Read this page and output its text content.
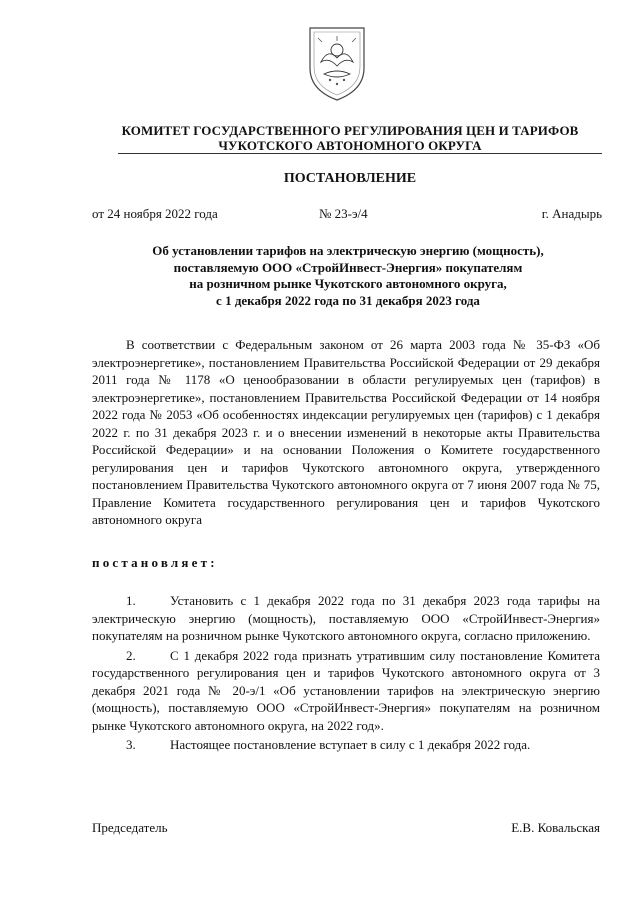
КОМИТЕТ ГОСУДАРСТВЕННОГО РЕГУЛИРОВАНИЯ ЦЕН И ТАРИФОВ
ЧУКОТСКОГО АВТОНОМНОГО ОКРУГА
ПОСТАНОВЛЕНИЕ
от 24 ноября 2022 года	№ 23-э/4	г. Анадырь
Об установлении тарифов на электрическую энергию (мощность),
поставляемую ООО «СтройИнвест-Энергия» покупателям
на розничном рынке Чукотского автономного округа,
с 1 декабря 2022 года по 31 декабря 2023 года
В соответствии с Федеральным законом от 26 марта 2003 года № 35-ФЗ «Об электроэнергетике», постановлением Правительства Российской Федерации от 29 декабря 2011 года № 1178 «О ценообразовании в области регулируемых цен (тарифов) в электроэнергетике», постановлением Правительства Российской Федерации от 14 ноября 2022 года № 2053 «Об особенностях индексации регулируемых цен (тарифов) с 1 декабря 2022 г. по 31 декабря 2023 г. и о внесении изменений в некоторые акты Правительства Российской Федерации» и на основании Положения о Комитете государственного регулирования цен и тарифов Чукотского автономного округа, утвержденного постановлением Правительства Чукотского автономного округа от 7 июня 2007 года № 75, Правление Комитета государственного регулирования цен и тарифов Чукотского автономного округа
постановляет:
1.	Установить с 1 декабря 2022 года по 31 декабря 2023 года тарифы на электрическую энергию (мощность), поставляемую ООО «СтройИнвест-Энергия» покупателям на розничном рынке Чукотского автономного округа, согласно приложению.
2.	С 1 декабря 2022 года признать утратившим силу постановление Комитета государственного регулирования цен и тарифов Чукотского автономного округа от 3 декабря 2021 года № 20-э/1 «Об установлении тарифов на электрическую энергию (мощность), поставляемую ООО «СтройИнвест-Энергия» покупателям на розничном рынке Чукотского автономного округа, на 2022 год».
3.	Настоящее постановление вступает в силу с 1 декабря 2022 года.
Председатель	Е.В. Ковальская
